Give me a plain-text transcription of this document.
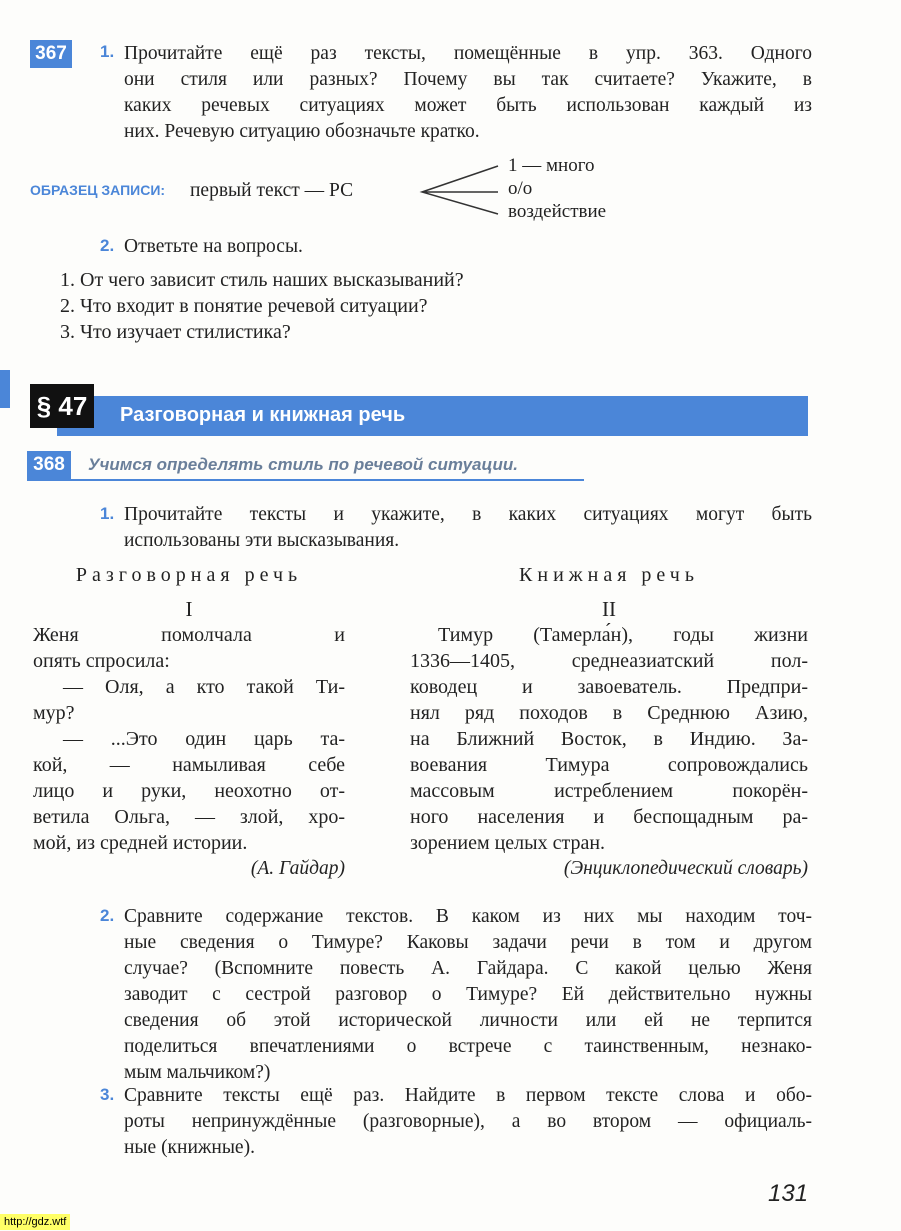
367	1. Прочитайте ещё раз тексты, помещённые в упр. 363. Одного
они стиля или разных? Почему вы так считаете? Укажите, в
каких речевых ситуациях может быть использован каждый из
них. Речевую ситуацию обозначьте кратко.
ОБРАЗЕЦ ЗАПИСИ: первый текст — РС
1 — много
о/о
воздействие
2. Ответьте на вопросы.
1. От чего зависит стиль наших высказываний?
2. Что входит в понятие речевой ситуации?
3. Что изучает стилистика?
§ 47	Разговорная и книжная речь
368	Учимся определять стиль по речевой ситуации.
1. Прочитайте тексты и укажите, в каких ситуациях могут быть
использованы эти высказывания.
Разговорная речь
I
Женя помолчала и
опять спросила:
— Оля, а кто такой Ти-
мур?
— ...Это один царь та-
кой, — намыливая себе
лицо и руки, неохотно от-
ветила Ольга, — злой, хро-
мой, из средней истории.
(А. Гайдар)
Книжная речь
II
Тимур (Тамерла́н), годы жизни
1336—1405, среднеазиатский пол-
ководец и завоеватель. Предпри-
нял ряд походов в Среднюю Азию,
на Ближний Восток, в Индию. За-
воевания Тимура сопровождались
массовым истреблением покорён-
ного населения и беспощадным ра-
зорением целых стран.
(Энциклопедический словарь)
2. Сравните содержание текстов. В каком из них мы находим точ-
ные сведения о Тимуре? Каковы задачи речи в том и другом
случае? (Вспомните повесть А. Гайдара. С какой целью Женя
заводит с сестрой разговор о Тимуре? Ей действительно нужны
сведения об этой исторической личности или ей не терпится
поделиться впечатлениями о встрече с таинственным, незнако-
мым мальчиком?)
3. Сравните тексты ещё раз. Найдите в первом тексте слова и обо-
роты непринуждённые (разговорные), а во втором — официаль-
ные (книжные).
131
http://gdz.wtf
